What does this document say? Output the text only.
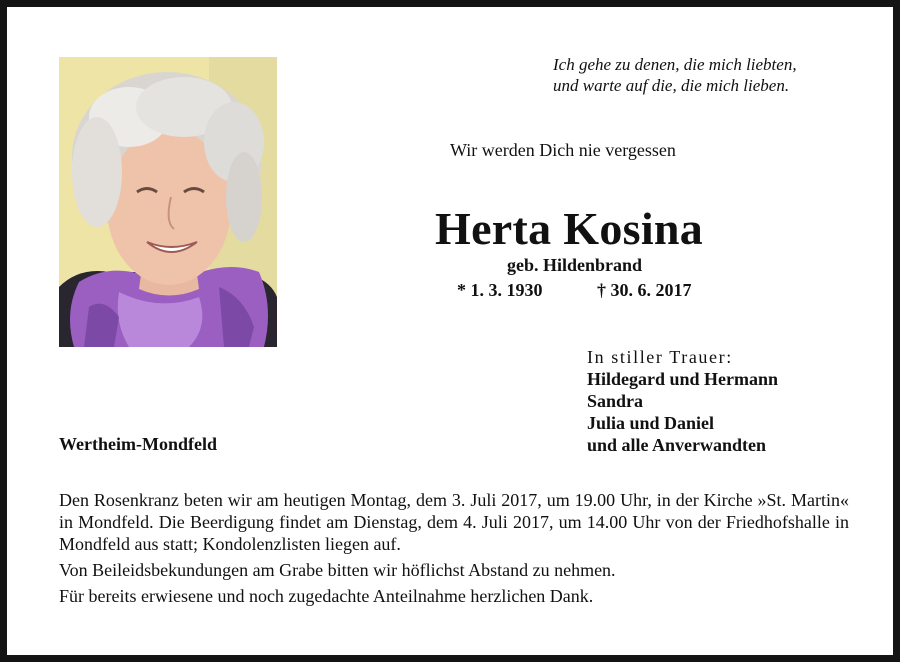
Ich gehe zu denen, die mich liebten,
und warte auf die, die mich lieben.
Wir werden Dich nie vergessen
Herta Kosina
geb. Hildenbrand
* 1. 3. 1930	† 30. 6. 2017
In stiller Trauer:
Hildegard und Hermann
Sandra
Julia und Daniel
und alle Anverwandten
Wertheim-Mondfeld

Den Rosenkranz beten wir am heutigen Montag, dem 3. Juli 2017, um 19.00 Uhr, in der Kirche »St. Martin« in Mondfeld. Die Beerdigung findet am Dienstag, dem 4. Juli 2017, um 14.00 Uhr von der Friedhofshalle in Mondfeld aus statt; Kondolenzlisten liegen auf.

Von Beileidsbekundungen am Grabe bitten wir höflichst Abstand zu nehmen.

Für bereits erwiesene und noch zugedachte Anteilnahme herzlichen Dank.
